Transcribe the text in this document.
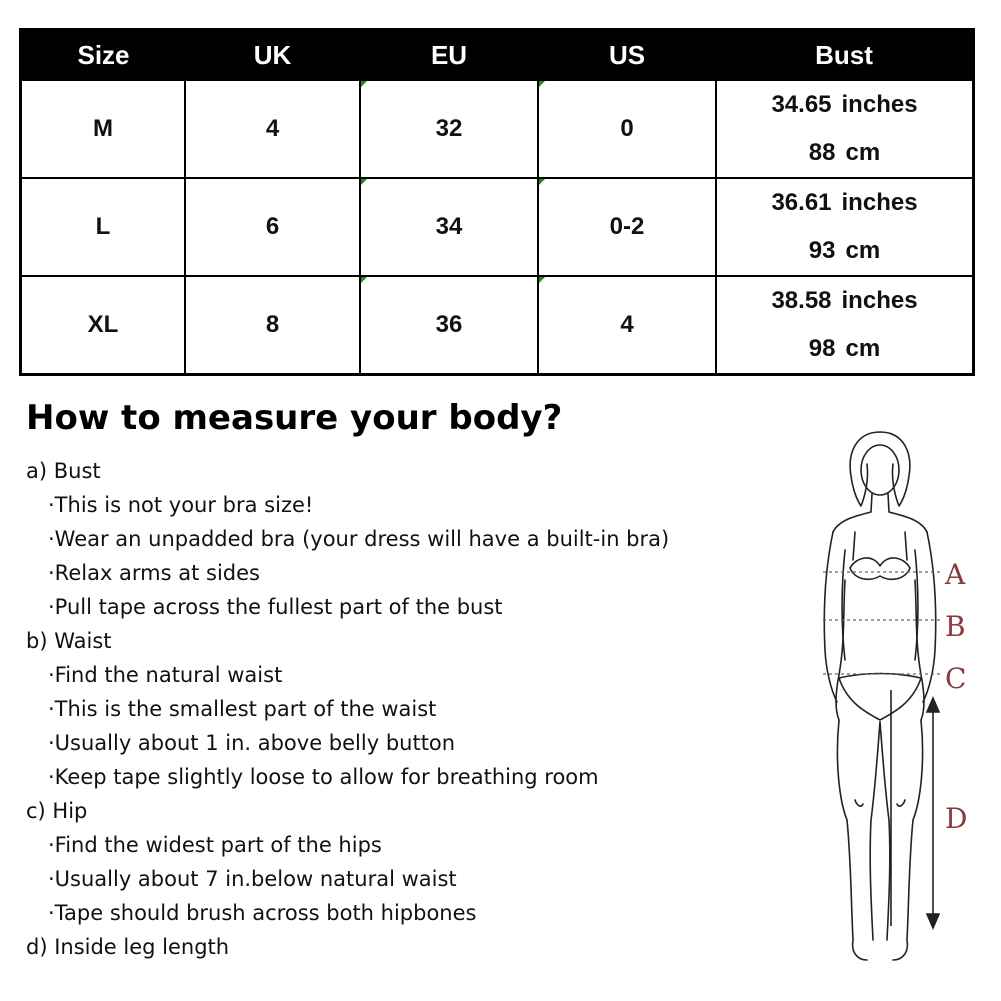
Size	UK	EU	US	Bust
M	4	32	0	34.65 inches
88 cm

L	6	34	0-2	36.61 inches
93 cm

XL	8	36	4	38.58 inches
98 cm
How to measure your body?
a) Bust
·This is not your bra size!
·Wear an unpadded bra (your dress will have a built-in bra)
·Relax arms at sides
·Pull tape across the fullest part of the bust
b) Waist
·Find the natural waist
·This is the smallest part of the waist
·Usually about 1 in. above belly button
·Keep tape slightly loose to allow for breathing room
c) Hip
·Find the widest part of the hips
·Usually about 7 in.below natural waist
·Tape should brush across both hipbones
d) Inside leg length
A
B
C
D
